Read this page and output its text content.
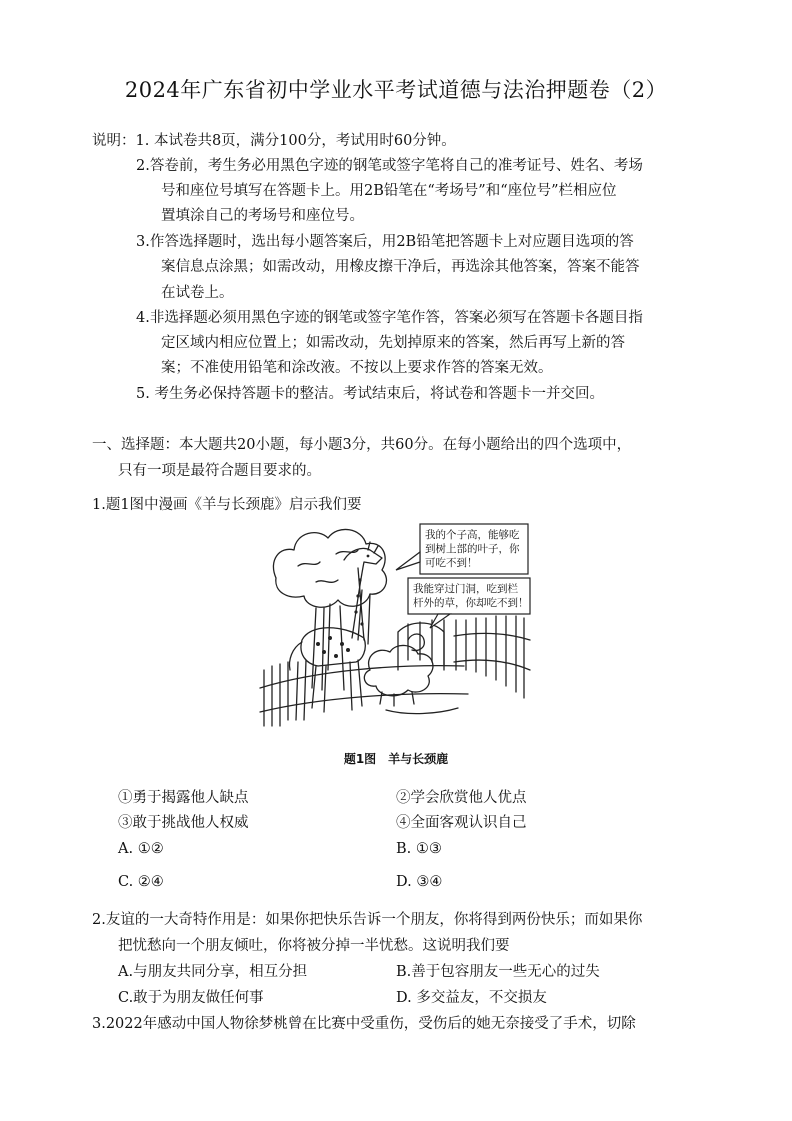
2024年广东省初中学业水平考试道德与法治押题卷（2）
说明：1. 本试卷共8页，满分100分，考试用时60分钟。
2.答卷前，考生务必用黑色字迹的钢笔或签字笔将自己的准考证号、姓名、考场
号和座位号填写在答题卡上。用2B铅笔在“考场号”和“座位号”栏相应位
置填涂自己的考场号和座位号。
3.作答选择题时，选出每小题答案后，用2B铅笔把答题卡上对应题目选项的答
案信息点涂黑；如需改动，用橡皮擦干净后，再选涂其他答案，答案不能答
在试卷上。
4.非选择题必须用黑色字迹的钢笔或签字笔作答，答案必须写在答题卡各题目指
定区域内相应位置上；如需改动，先划掉原来的答案，然后再写上新的答
案；不准使用铅笔和涂改液。不按以上要求作答的答案无效。
5. 考生务必保持答题卡的整洁。考试结束后，将试卷和答题卡一并交回。
一、选择题：本大题共20小题，每小题3分，共60分。在每小题给出的四个选项中，
只有一项是最符合题目要求的。
1.题1图中漫画《羊与长颈鹿》启示我们要
我的个子高，能够吃
到树上部的叶子，你
可吃不到！
我能穿过门洞，吃到栏
杆外的草，你却吃不到！
题1图　羊与长颈鹿
①勇于揭露他人缺点	②学会欣赏他人优点
③敢于挑战他人权威	④全面客观认识自己
A. ①②	B. ①③
C. ②④	D. ③④
2.友谊的一大奇特作用是：如果你把快乐告诉一个朋友，你将得到两份快乐；而如果你
把忧愁向一个朋友倾吐，你将被分掉一半忧愁。这说明我们要
A.与朋友共同分享，相互分担	B.善于包容朋友一些无心的过失
C.敢于为朋友做任何事	D. 多交益友，不交损友
3.2022年感动中国人物徐梦桃曾在比赛中受重伤，受伤后的她无奈接受了手术，切除
